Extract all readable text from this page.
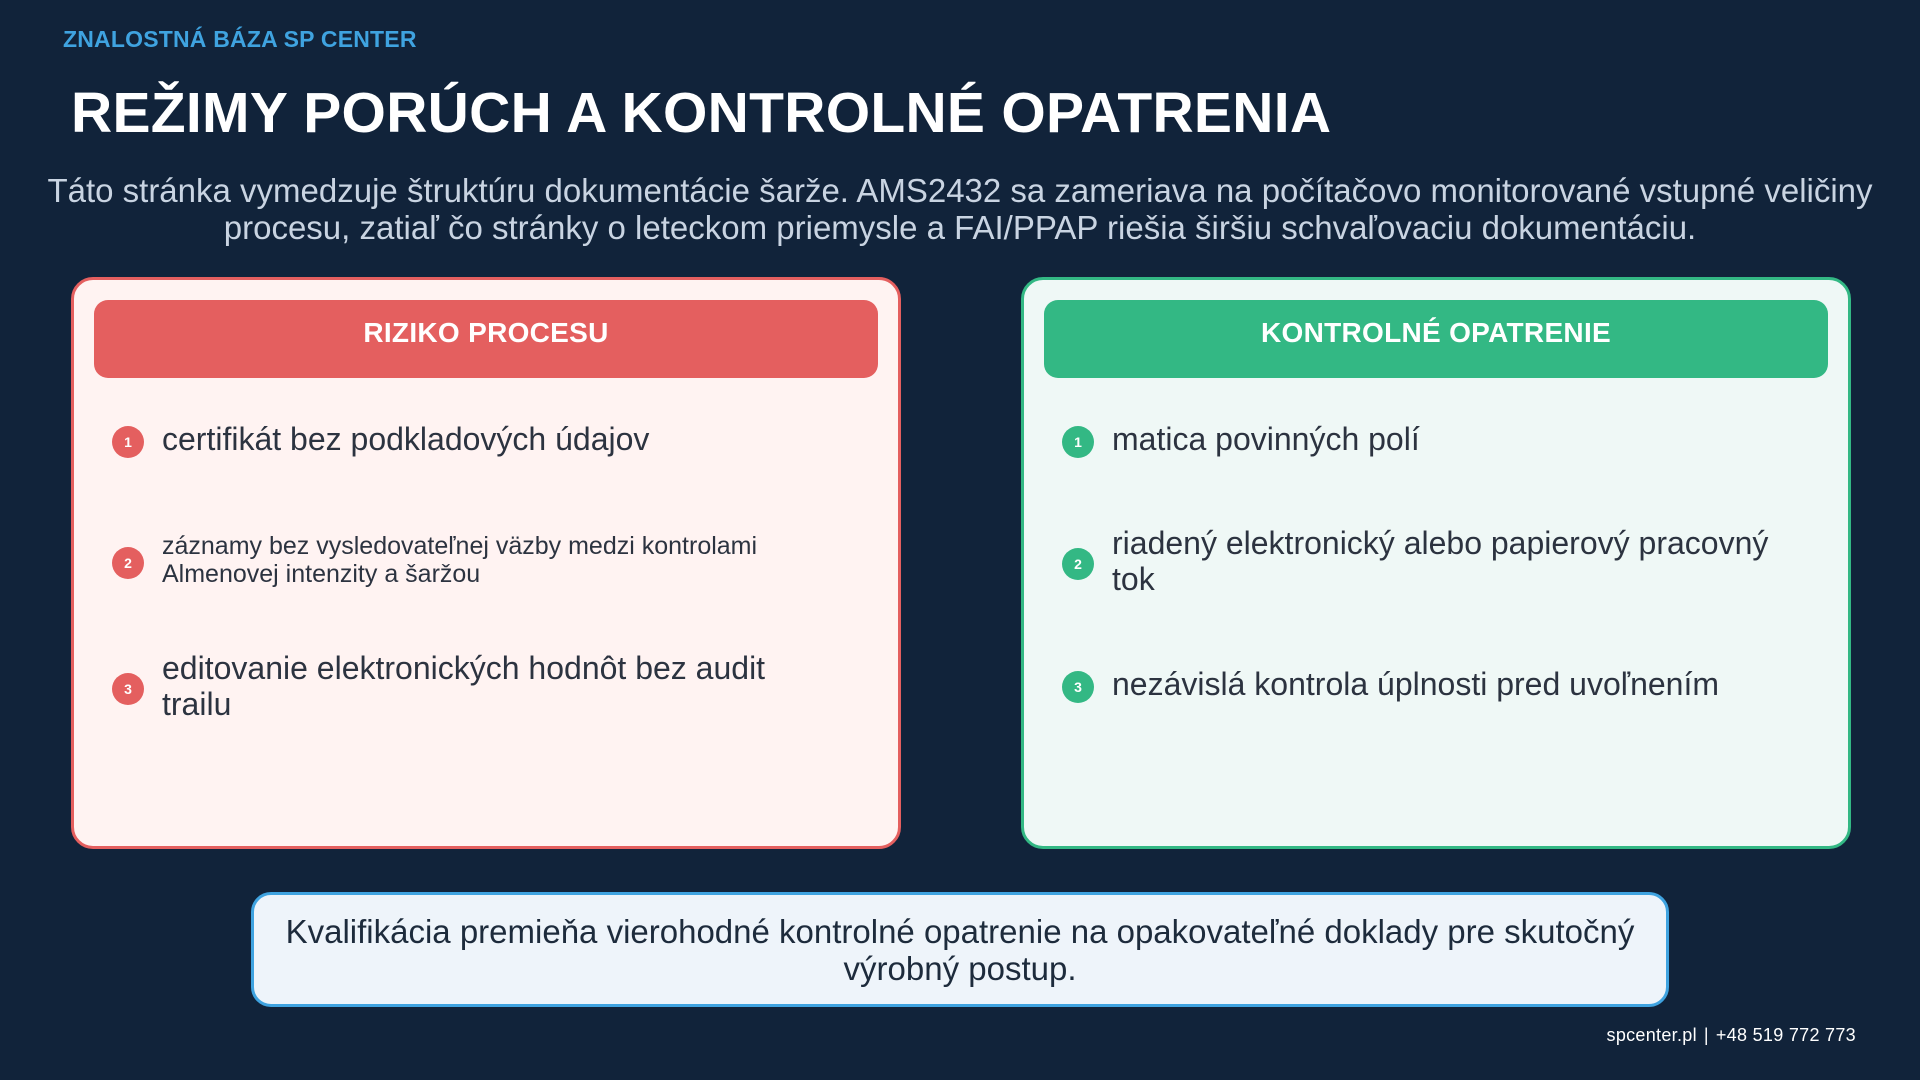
ZNALOSTNÁ BÁZA SP CENTER
REŽIMY PORÚCH A KONTROLNÉ OPATRENIA

Táto stránka vymedzuje štruktúru dokumentácie šarže. AMS2432 sa zameriava na počítačovo monitorované vstupné veličiny procesu, zatiaľ čo stránky o leteckom priemysle a FAI/PPAP riešia širšiu schvaľovaciu dokumentáciu.

RIZIKO PROCESU
1 certifikát bez podkladových údajov
2
záznamy bez vysledovateľnej väzby medzi kontrolami Almenovej intenzity a šaržou
3
editovanie elektronických hodnôt bez audit trailu
KONTROLNÉ OPATRENIE
1 matica povinných polí
2
riadený elektronický alebo papierový pracovný tok
3 nezávislá kontrola úplnosti pred uvoľnením
Kvalifikácia premieňa vierohodné kontrolné opatrenie na opakovateľné doklady pre skutočný výrobný postup.
spcenter.pl | +48 519 772 773
